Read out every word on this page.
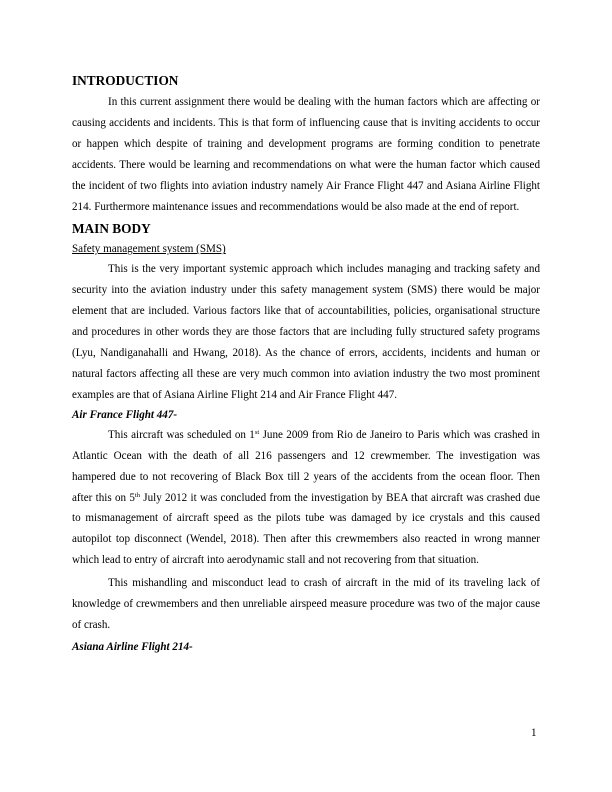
INTRODUCTION

In this current assignment there would be dealing with the human factors which are affecting or causing accidents and incidents. This is that form of influencing cause that is inviting accidents to occur or happen which despite of training and development programs are forming condition to penetrate accidents. There would be learning and recommendations on what were the human factor which caused the incident of two flights into aviation industry namely Air France Flight 447 and Asiana Airline Flight 214. Furthermore maintenance issues and recommendations would be also made at the end of report.

MAIN BODY
Safety management system (SMS)

This is the very important systemic approach which includes managing and tracking safety and security into the aviation industry under this safety management system (SMS) there would be major element that are included. Various factors like that of accountabilities, policies, organisational structure and procedures in other words they are those factors that are including fully structured safety programs (Lyu, Nandiganahalli and Hwang, 2018). As the chance of errors, accidents, incidents and human or natural factors affecting all these are very much common into aviation industry the two most prominent examples are that of Asiana Airline Flight 214 and Air France Flight 447.

Air France Flight 447-

This aircraft was scheduled on 1st June 2009 from Rio de Janeiro to Paris which was crashed in Atlantic Ocean with the death of all 216 passengers and 12 crewmember. The investigation was hampered due to not recovering of Black Box till 2 years of the accidents from the ocean floor. Then after this on 5th July 2012 it was concluded from the investigation by BEA that aircraft was crashed due to mismanagement of aircraft speed as the pilots tube was damaged by ice crystals and this caused autopilot top disconnect (Wendel, 2018). Then after this crewmembers also reacted in wrong manner which lead to entry of aircraft into aerodynamic stall and not recovering from that situation.

This mishandling and misconduct lead to crash of aircraft in the mid of its traveling lack of knowledge of crewmembers and then unreliable airspeed measure procedure was two of the major cause of crash.

Asiana Airline Flight 214-
1
